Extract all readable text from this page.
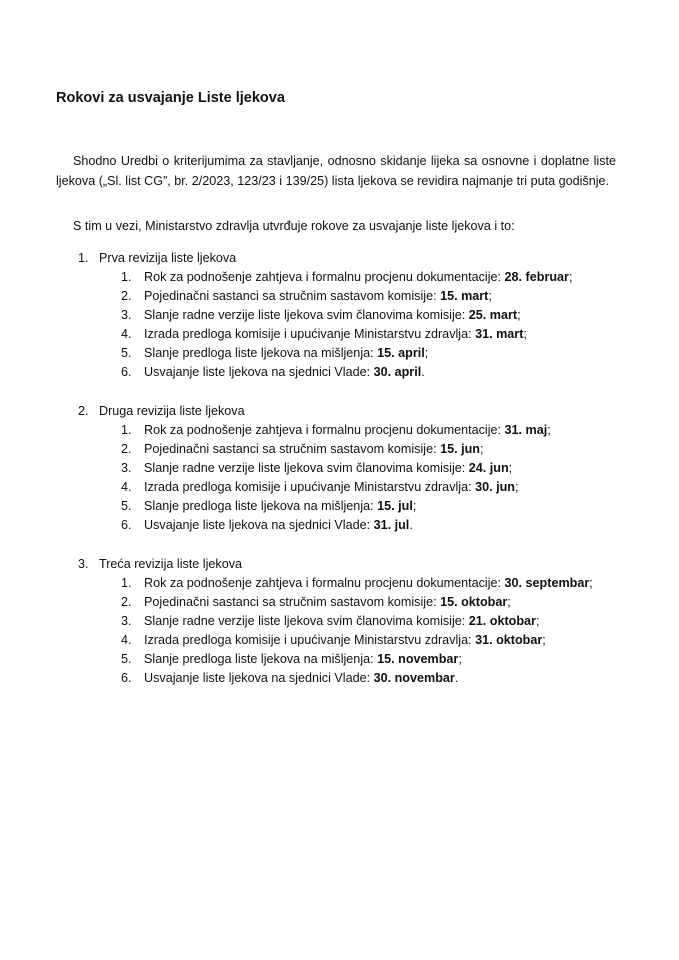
Rokovi za usvajanje Liste ljekova
Shodno Uredbi o kriterijumima za stavljanje, odnosno skidanje lijeka sa osnovne i doplatne liste ljekova („Sl. list CG”, br. 2/2023, 123/23 i 139/25) lista ljekova se revidira najmanje tri puta godišnje.
S tim u vezi, Ministarstvo zdravlja utvrđuje rokove za usvajanje liste ljekova i to:
1. Prva revizija liste ljekova
1. Rok za podnošenje zahtjeva i formalnu procjenu dokumentacije: 28. februar;
2. Pojedinačni sastanci sa stručnim sastavom komisije: 15. mart;
3. Slanje radne verzije liste ljekova svim članovima komisije: 25. mart;
4. Izrada predloga komisije i upućivanje Ministarstvu zdravlja: 31. mart;
5. Slanje predloga liste ljekova na mišljenja: 15. april;
6. Usvajanje liste ljekova na sjednici Vlade: 30. april.
2. Druga revizija liste ljekova
1. Rok za podnošenje zahtjeva i formalnu procjenu dokumentacije: 31. maj;
2. Pojedinačni sastanci sa stručnim sastavom komisije: 15. jun;
3. Slanje radne verzije liste ljekova svim članovima komisije: 24. jun;
4. Izrada predloga komisije i upućivanje Ministarstvu zdravlja: 30. jun;
5. Slanje predloga liste ljekova na mišljenja: 15. jul;
6. Usvajanje liste ljekova na sjednici Vlade: 31. jul.
3. Treća revizija liste ljekova
1. Rok za podnošenje zahtjeva i formalnu procjenu dokumentacije: 30. septembar;
2. Pojedinačni sastanci sa stručnim sastavom komisije: 15. oktobar;
3. Slanje radne verzije liste ljekova svim članovima komisije: 21. oktobar;
4. Izrada predloga komisije i upućivanje Ministarstvu zdravlja: 31. oktobar;
5. Slanje predloga liste ljekova na mišljenja: 15. novembar;
6. Usvajanje liste ljekova na sjednici Vlade: 30. novembar.
